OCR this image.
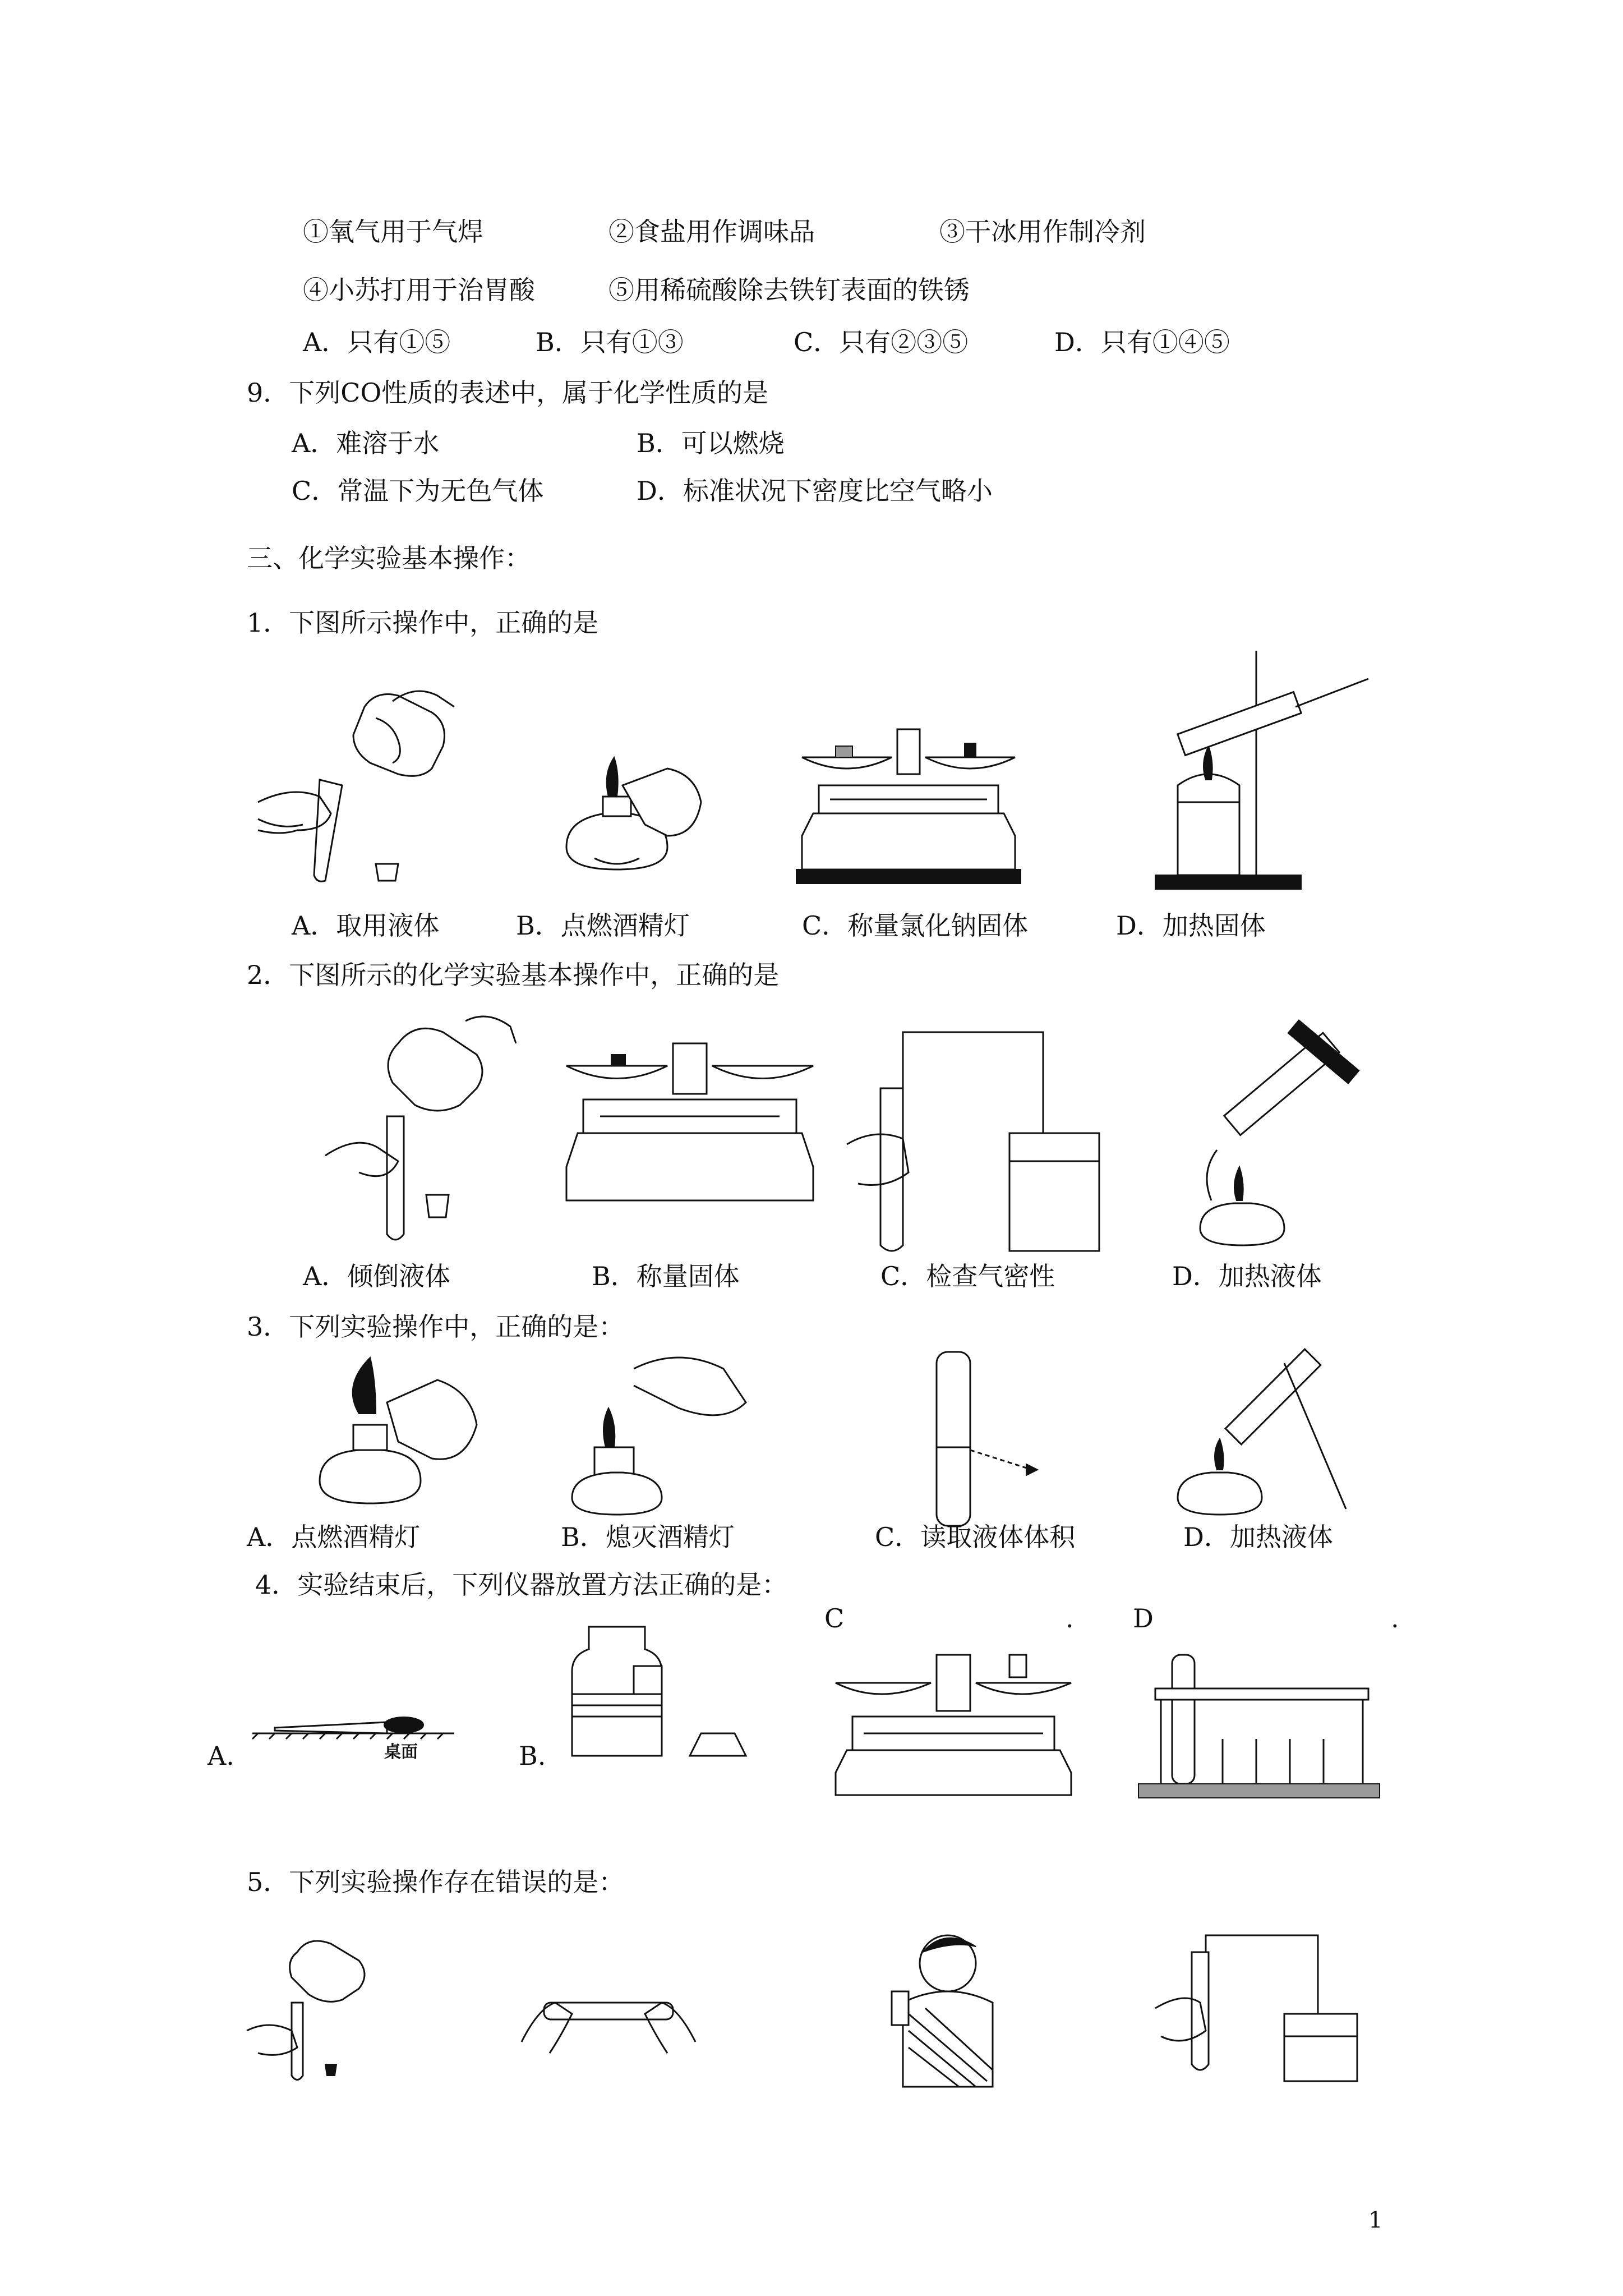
①氧气用于气焊	②食盐用作调味品	③干冰用作制冷剂
④小苏打用于治胃酸	⑤用稀硫酸除去铁钉表面的铁锈
A．只有①⑤	B．只有①③	C．只有②③⑤	D．只有①④⑤
9．下列CO性质的表述中，属于化学性质的是
A．难溶于水	B．可以燃烧
C．常温下为无色气体	D．标准状况下密度比空气略小
三、化学实验基本操作：
1．下图所示操作中，正确的是
A．取用液体	B．点燃酒精灯	C．称量氯化钠固体	D．加热固体
2．下图所示的化学实验基本操作中，正确的是
A．倾倒液体	B．称量固体	C．检查气密性	D．加热液体
3．下列实验操作中，正确的是：
A．点燃酒精灯	B．熄灭酒精灯	C．读取液体体积	D．加热液体
4．实验结束后，下列仪器放置方法正确的是：
A.	桌面	B.
C	. D	.
5．下列实验操作存在错误的是：
1
